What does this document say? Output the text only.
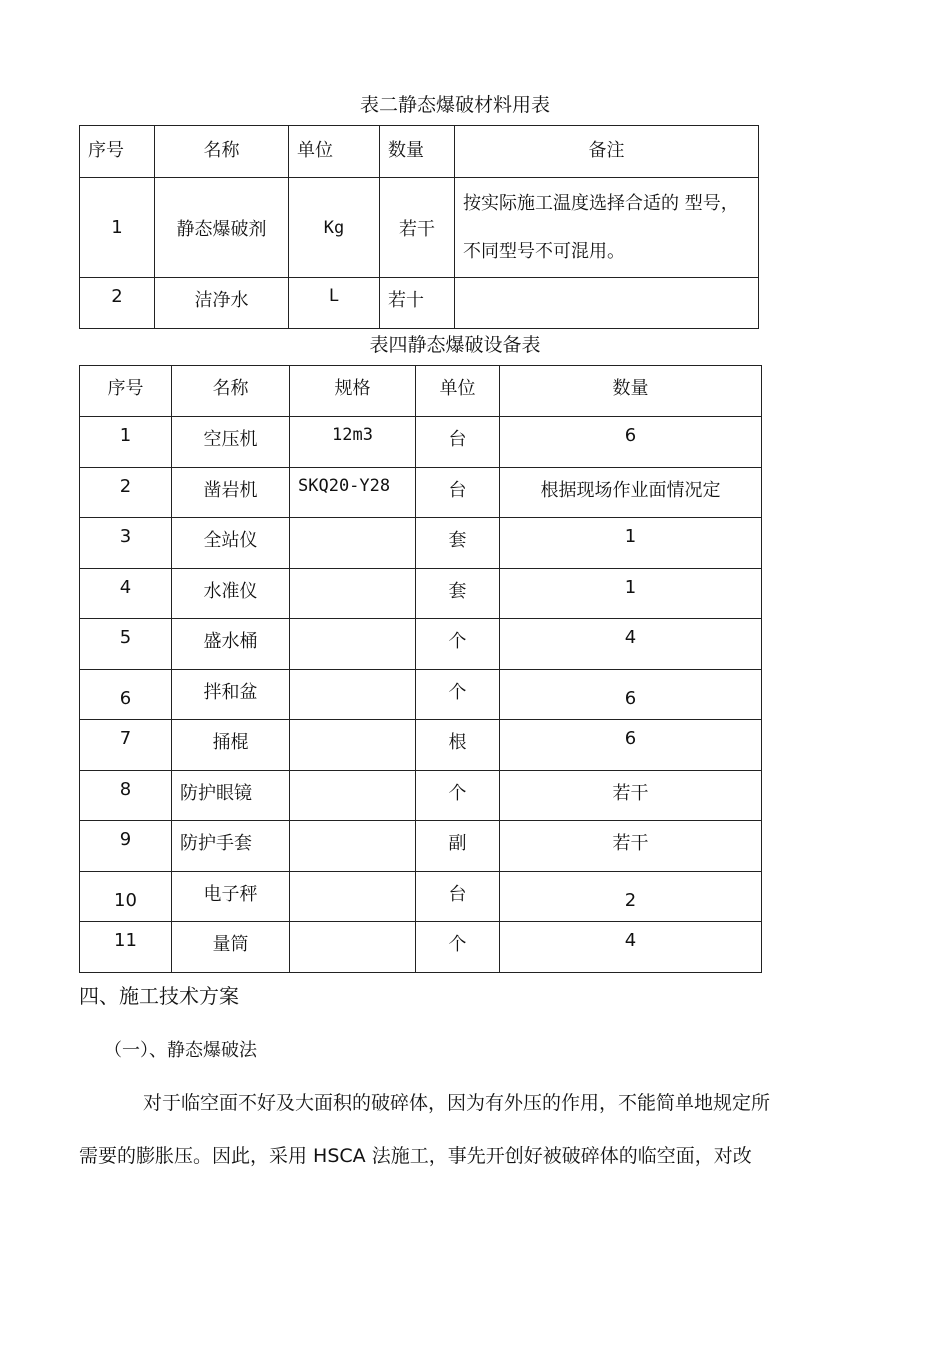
表二静态爆破材料用表
序号	名称	单位	数量	备注
1	静态爆破剂	Kg	若干	按实际施工温度选择合适的 型号，不同型号不可混用。
2	洁净水	L	若十	
表四静态爆破设备表
序号	名称	规格	单位	数量
1	空压机	12m3	台	6
2	凿岩机	SKQ20-Y28	台	根据现场作业面情况定
3	全站仪		套	1
4	水准仪		套	1
5	盛水桶		个	4
6	拌和盆		个	6
7	捅棍		根	6
8	防护眼镜		个	若干
9	防护手套		副	若干
10	电子秤		台	2
11	量筒		个	4
四、施工技术方案
（一）、静态爆破法
对于临空面不好及大面积的破碎体，因为有外压的作用，不能简单地规定所
需要的膨胀压。因此，采用 HSCA 法施工，事先开创好被破碎体的临空面，对改
